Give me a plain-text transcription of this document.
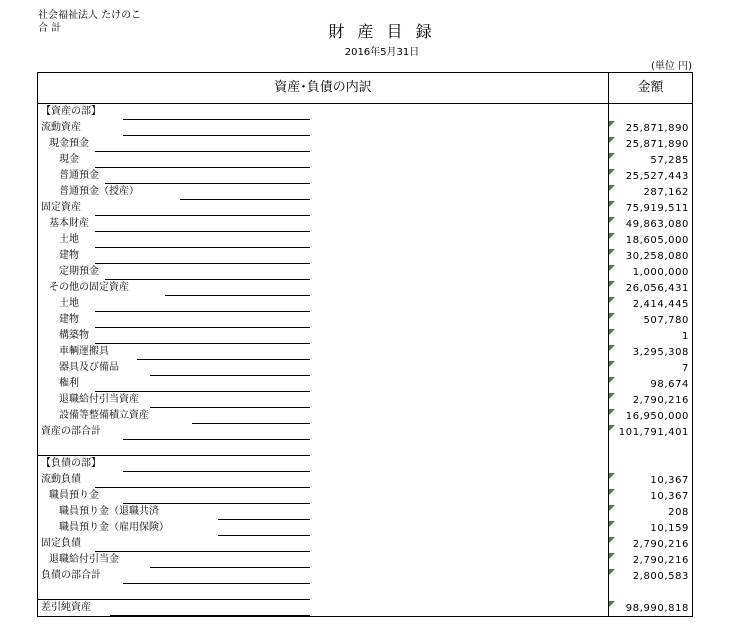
社会福祉法人 たけのこ
合 計	財 産 目 録
2016年5月31日
(単位 円)
資産･負債の内訳	金額
【資産の部】
流動資産	25,871,890
現金預金	25,871,890
現金	57,285
普通預金	25,527,443
普通預金（授産）	287,162
固定資産	75,919,511
基本財産	49,863,080
土地	18,605,000
建物	30,258,080
定期預金	1,000,000
その他の固定資産	26,056,431
土地	2,414,445
建物	507,780
構築物	1
車輌運搬具	3,295,308
器具及び備品	7
権利	98,674
退職給付引当資産	2,790,216
設備等整備積立資産	16,950,000
資産の部合計	101,791,401
【負債の部】
流動負債	10,367
職員預り金	10,367
職員預り金（退職共済	208
職員預り金（雇用保険）	10,159
固定負債	2,790,216
退職給付引当金	2,790,216
負債の部合計	2,800,583
差引純資産	98,990,818
